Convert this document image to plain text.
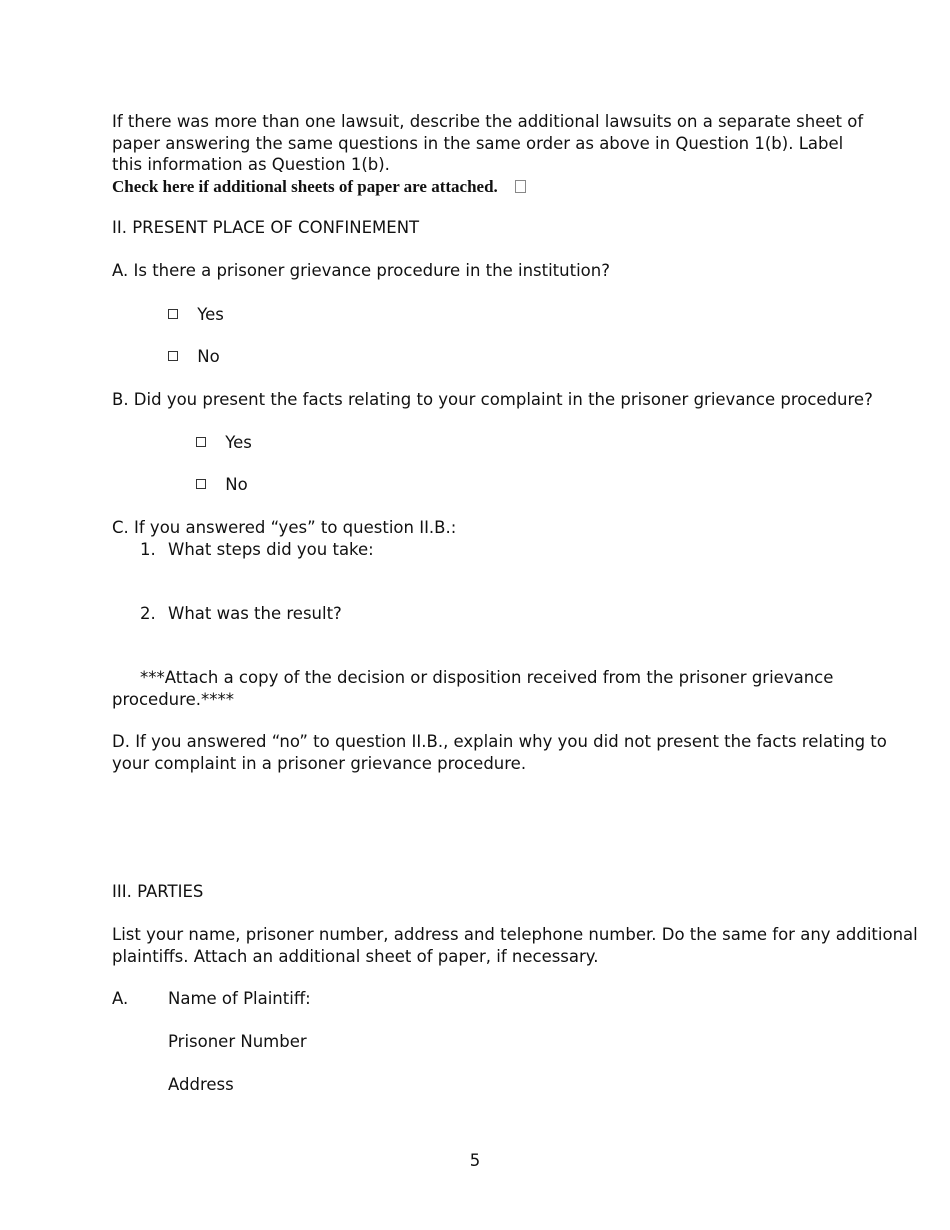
If there was more than one lawsuit, describe the additional lawsuits on a separate sheet of
paper answering the same questions in the same order as above in Question 1(b). Label
this information as Question 1(b).
Check here if additional sheets of paper are attached.
II. PRESENT PLACE OF CONFINEMENT
A. Is there a prisoner grievance procedure in the institution?
Yes
No
B. Did you present the facts relating to your complaint in the prisoner grievance procedure?
Yes
No
C. If you answered “yes” to question II.B.:
1. What steps did you take:
2. What was the result?
***Attach a copy of the decision or disposition received from the prisoner grievance
procedure.****
D. If you answered “no” to question II.B., explain why you did not present the facts relating to
your complaint in a prisoner grievance procedure.
III. PARTIES
List your name, prisoner number, address and telephone number. Do the same for any additional
plaintiffs. Attach an additional sheet of paper, if necessary.
A. Name of Plaintiff:
Prisoner Number
Address
5
